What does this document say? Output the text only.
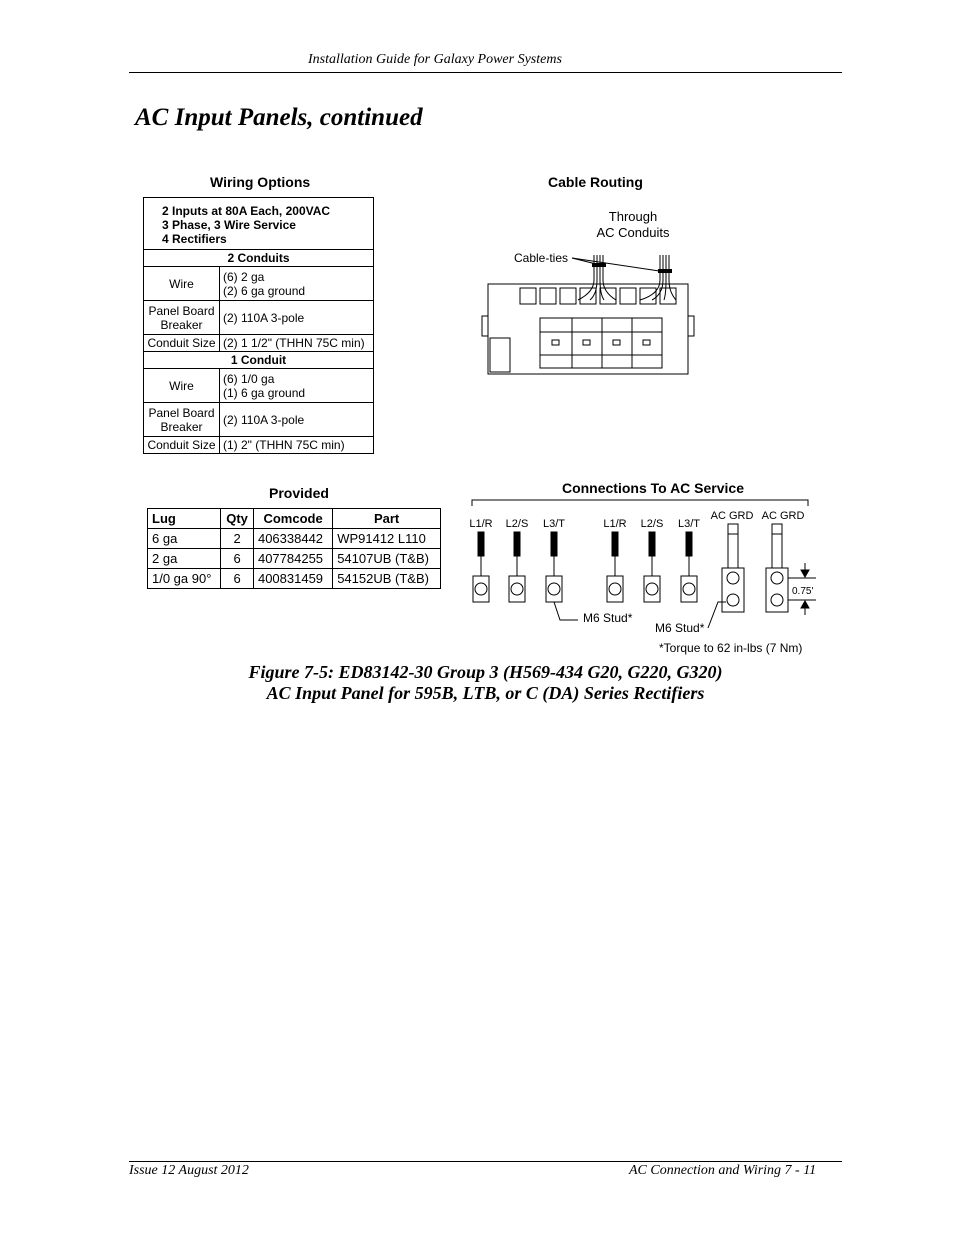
Installation Guide for Galaxy Power Systems
AC Input Panels, continued
Wiring Options
2 Inputs at 80A Each, 200VAC
3 Phase, 3 Wire Service
4 Rectifiers	

2 Conduits	
Wire	(6) 2 ga
(2) 6 ga ground

Panel Board Breaker	(2) 110A 3-pole
Conduit Size	(2) 1 1/2" (THHN 75C min)
1 Conduit	
Wire	(6) 1/0 ga
(1) 6 ga ground

Panel Board Breaker	(2) 110A 3-pole
Conduit Size	(1) 2" (THHN 75C min)
Cable Routing
Through
AC Conduits
Cable-ties
Provided
Lug	Qty	Comcode	Part
6 ga	2	406338442	WP91412 L110
2 ga	6	407784255	54107UB (T&B)
1/0 ga 90°	6	400831459	54152UB (T&B)
Connections To AC Service
L1/R L2/S L3/T	L1/R L2/S L3/T
AC GRD AC GRD
0.75'
M6 Stud*
M6 Stud*
*Torque to 62 in-lbs (7 Nm)
Figure 7-5: ED83142-30 Group 3 (H569-434 G20, G220, G320)
AC Input Panel for 595B, LTB, or C (DA) Series Rectifiers
Issue 12 August 2012	AC Connection and Wiring 7 - 11
